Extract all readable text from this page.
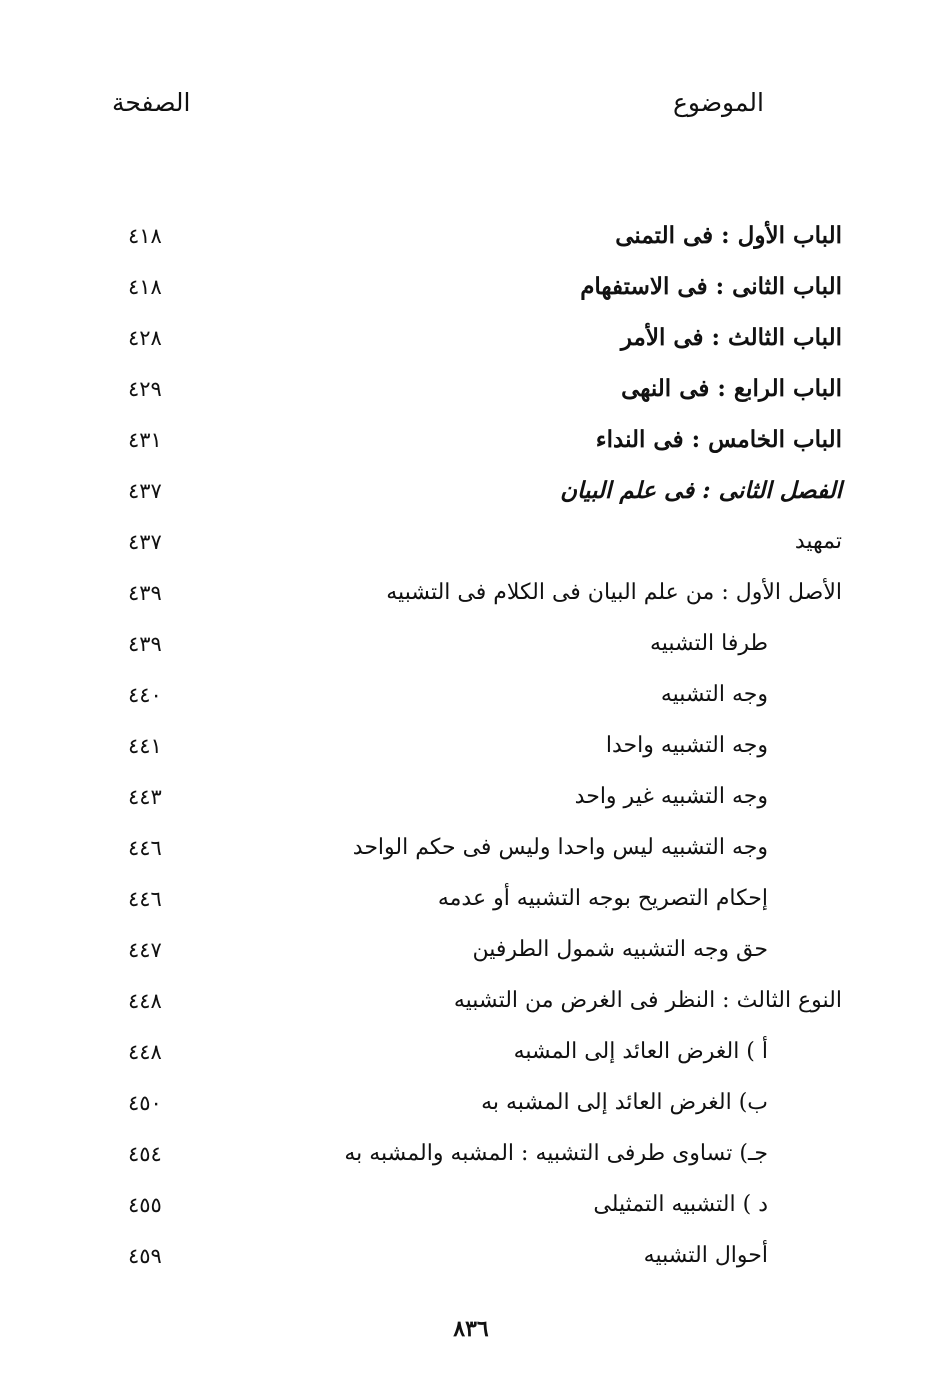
الموضوع
الصفحة
الباب الأول : فى التمنى
٤١٨
الباب الثانى : فى الاستفهام
٤١٨
الباب الثالث : فى الأمر
٤٢٨
الباب الرابع : فى النهى
٤٢٩
الباب الخامس : فى النداء
٤٣١
الفصل الثانى : فى علم البيان
٤٣٧
تمهيد
٤٣٧
الأصل الأول : من علم البيان فى الكلام فى التشبيه
٤٣٩
طرفا التشبيه
٤٣٩
وجه التشبيه
٤٤٠
وجه التشبيه واحدا
٤٤١
وجه التشبيه غير واحد
٤٤٣
وجه التشبيه ليس واحدا وليس فى حكم الواحد
٤٤٦
إحكام التصريح بوجه التشبيه أو عدمه
٤٤٦
حق وجه التشبيه شمول الطرفين
٤٤٧
النوع الثالث : النظر فى الغرض من التشبيه
٤٤٨
أ ) الغرض العائد إلى المشبه
٤٤٨
ب) الغرض العائد إلى المشبه به
٤٥٠
جـ) تساوى طرفى التشبيه : المشبه والمشبه به
٤٥٤
د ) التشبيه التمثيلى
٤٥٥
أحوال التشبيه
٤٥٩
٨٣٦
